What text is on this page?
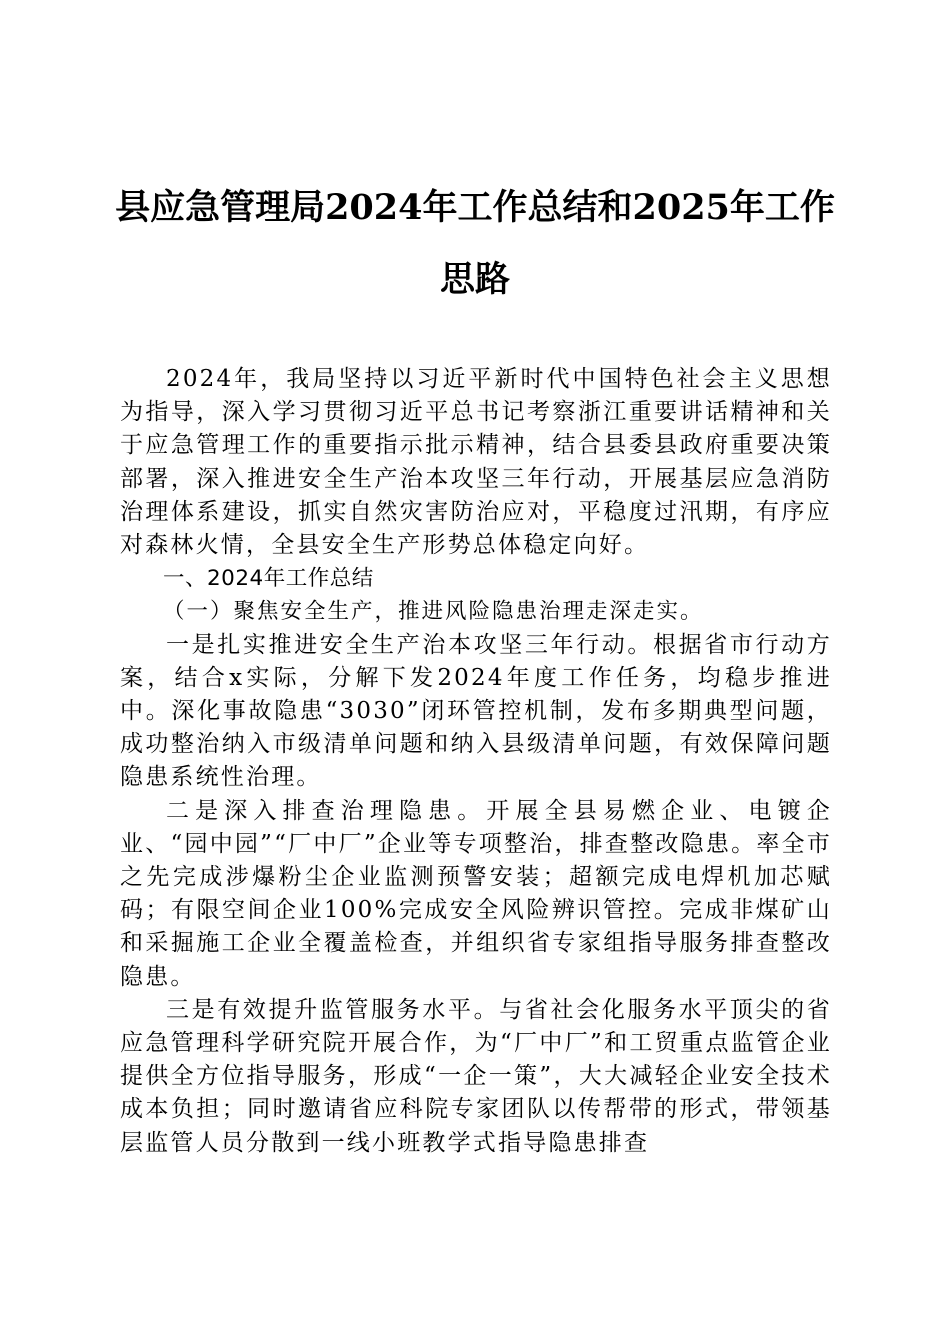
县应急管理局2024年工作总结和2025年工作
思路

2024年，我局坚持以习近平新时代中国特色社会主义思想为指导，深入学习贯彻习近平总书记考察浙江重要讲话精神和关于应急管理工作的重要指示批示精神，结合县委县政府重要决策部署，深入推进安全生产治本攻坚三年行动，开展基层应急消防治理体系建设，抓实自然灾害防治应对，平稳度过汛期，有序应对森林火情，全县安全生产形势总体稳定向好。

一、2024年工作总结

（一）聚焦安全生产，推进风险隐患治理走深走实。

一是扎实推进安全生产治本攻坚三年行动。根据省市行动方案，结合x实际，分解下发2024年度工作任务，均稳步推进中。深化事故隐患“3030”闭环管控机制，发布多期典型问题，成功整治纳入市级清单问题和纳入县级清单问题，有效保障问题隐患系统性治理。

二是深入排查治理隐患。开展全县易燃企业、电镀企业、“园中园”“厂中厂”企业等专项整治，排查整改隐患。率全市之先完成涉爆粉尘企业监测预警安装；超额完成电焊机加芯赋码；有限空间企业100%完成安全风险辨识管控。完成非煤矿山和采掘施工企业全覆盖检查，并组织省专家组指导服务排查整改隐患。

三是有效提升监管服务水平。与省社会化服务水平顶尖的省应急管理科学研究院开展合作，为“厂中厂”和工贸重点监管企业提供全方位指导服务，形成“一企一策”，大大减轻企业安全技术成本负担；同时邀请省应科院专家团队以传帮带的形式，带领基层监管人员分散到一线小班教学式指导隐患排查
